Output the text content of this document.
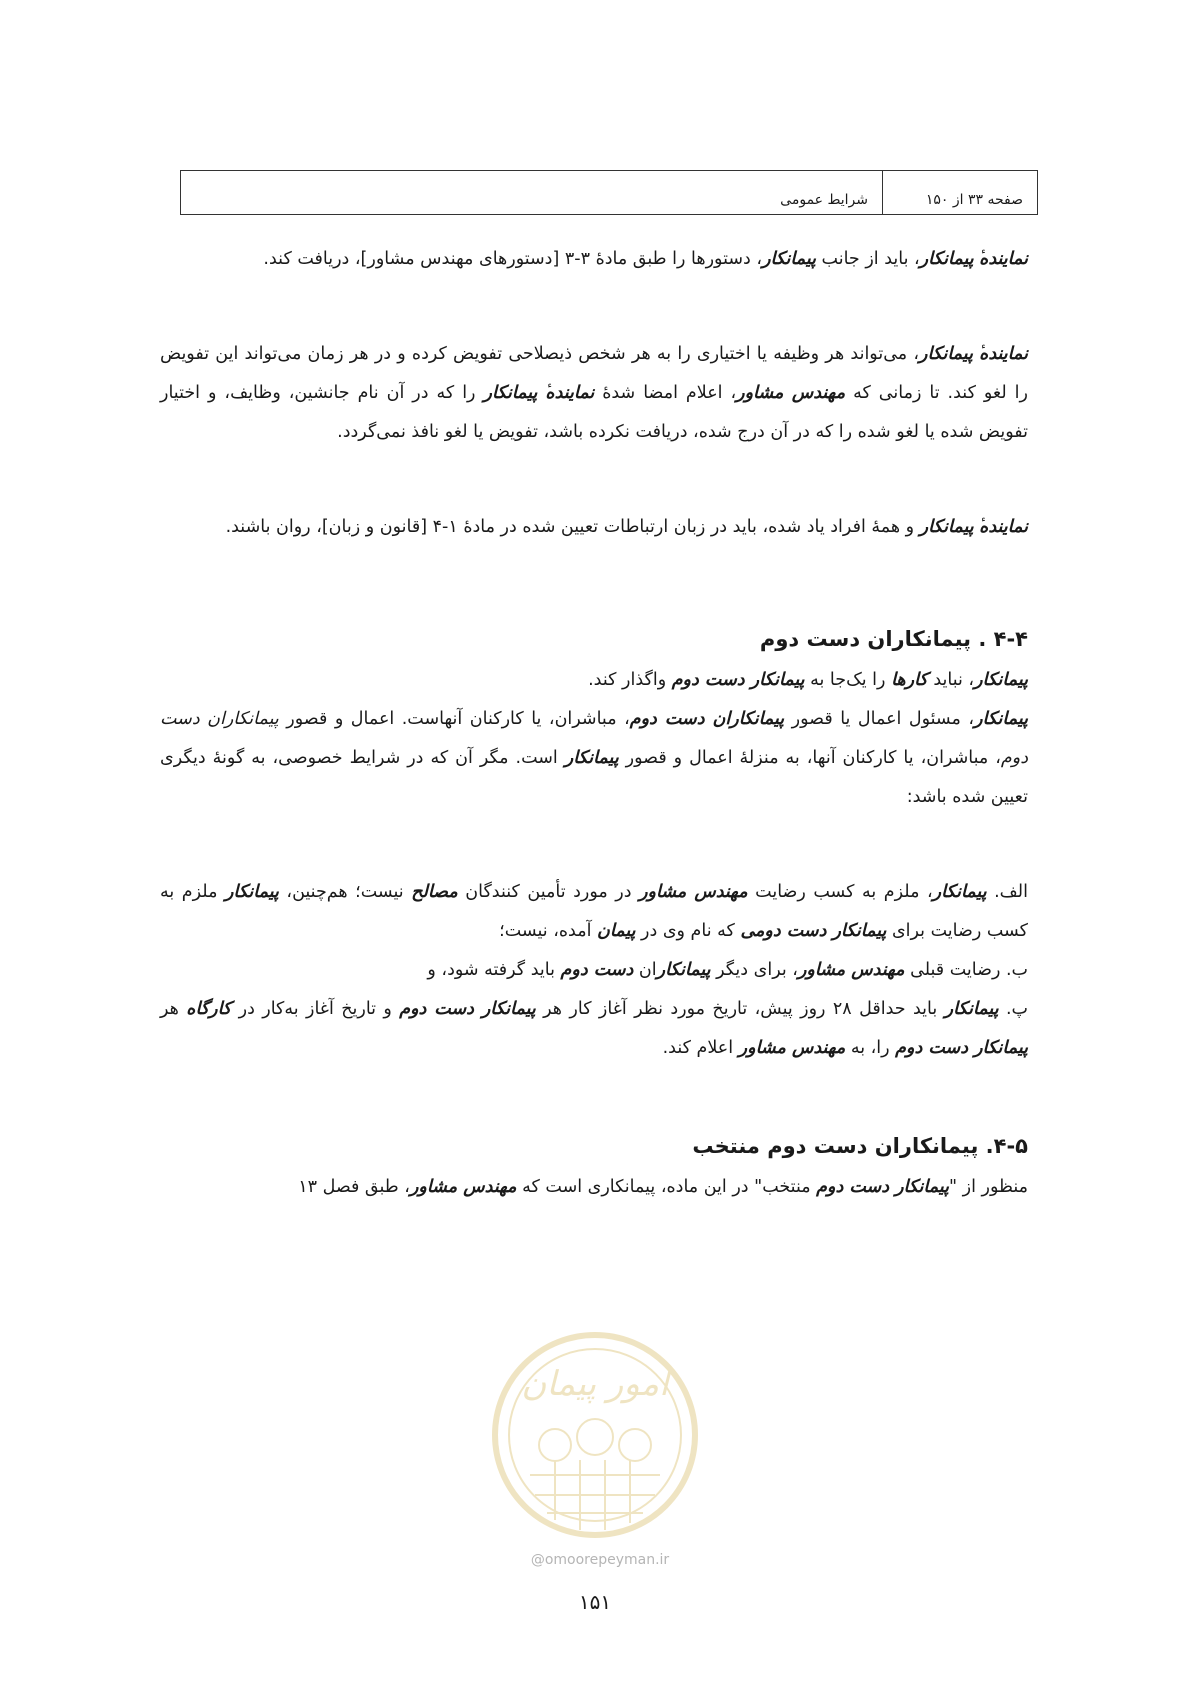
صفحه ۳۳ از ۱۵۰
شرایط عمومی

نمایندهٔ پیمانکار، باید از جانب پیمانکار، دستورها را طبق مادهٔ ۳-۳ [دستورهای مهندس مشاور]، دریافت کند.

نمایندهٔ پیمانکار، می‌تواند هر وظیفه یا اختیاری را به هر شخص ذیصلاحی تفویض کرده و در هر زمان می‌تواند این تفویض را لغو کند. تا زمانی که مهندس مشاور، اعلام امضا شدهٔ نمایندهٔ پیمانکار را که در آن نام جانشین، وظایف، و اختیار تفویض شده یا لغو شده را که در آن درج شده، دریافت نکرده باشد، تفویض یا لغو نافذ نمی‌گردد.

نمایندهٔ پیمانکار و همهٔ افراد یاد شده، باید در زبان ارتباطات تعیین شده در مادهٔ ۱-۴ [قانون و زبان]، روان باشند.

۴-۴ . پیمانکاران دست دوم

پیمانکار، نباید کارها را یک‌جا به پیمانکار دست دوم واگذار کند.

پیمانکار، مسئول اعمال یا قصور پیمانکاران دست دوم، مباشران، یا کارکنان آنهاست. اعمال و قصور پیمانکاران دست دوم، مباشران، یا کارکنان آنها، به منزلهٔ اعمال و قصور پیمانکار است. مگر آن که در شرایط خصوصی، به گونهٔ دیگری تعیین شده باشد:

الف. پیمانکار، ملزم به کسب رضایت مهندس مشاور در مورد تأمین کنندگان مصالح نیست؛ هم‌چنین، پیمانکار ملزم به کسب رضایت برای پیمانکار دست دومی که نام وی در پیمان آمده، نیست؛

ب. رضایت قبلی مهندس مشاور، برای دیگر پیمانکاران دست دوم باید گرفته شود، و

پ. پیمانکار باید حداقل ۲۸ روز پیش، تاریخ مورد نظر آغاز کار هر پیمانکار دست دوم و تاریخ آغاز به‌کار در کارگاه هر پیمانکار دست دوم را، به مهندس مشاور اعلام کند.

۴-۵. پیمانکاران دست دوم منتخب

منظور از "پیمانکار دست دوم منتخب" در این ماده، پیمانکاری است که مهندس مشاور، طبق فصل ۱۳

امور پیمان
@omoorepeyman.ir
۱۵۱
